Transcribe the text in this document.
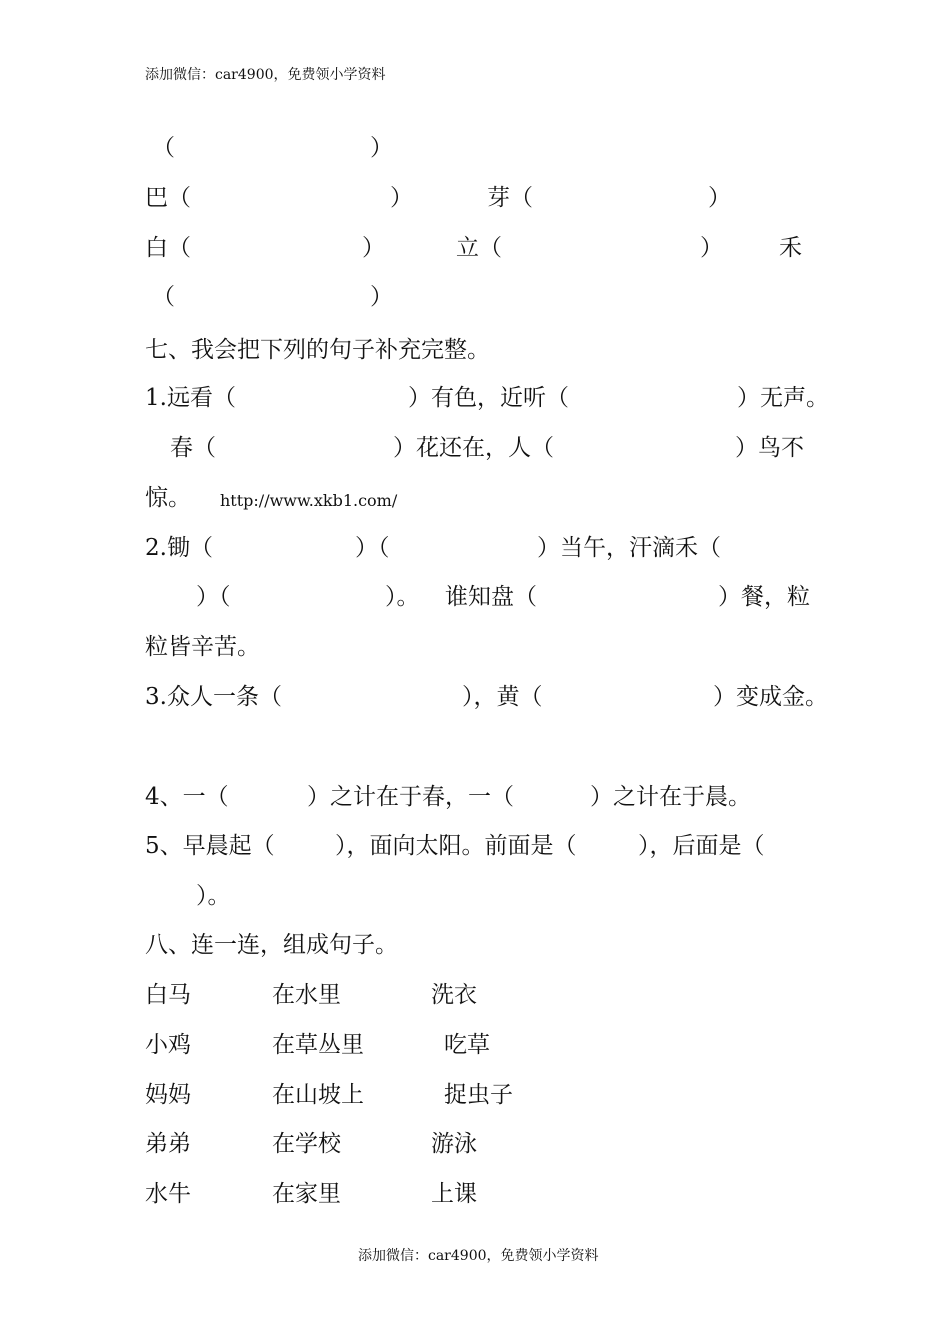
添加微信：car4900，免费领小学资料
（	）
巴（	）	芽（	）
白（	）	立（	） 禾
（	）
七、我会把下列的句子补充完整。
1.远看（	）有色，近听（	）无声。
春（	）花还在，人（	）鸟不
惊。 http://www.xkb1.com/
2.锄（	）（	）当午，汗滴禾（
）（	）。 谁知盘（	）餐，粒
粒皆辛苦。
3.众人一条（	），黄（	）变成金。
4、一（	）之计在于春，一（	）之计在于晨。
5、早晨起（	），面向太阳。前面是（	），后面是（
）。
八、连一连，组成句子。
白马	在水里	洗衣
小鸡	在草丛里	吃草
妈妈	在山坡上	捉虫子
弟弟	在学校	游泳
水牛	在家里	上课
添加微信：car4900，免费领小学资料
